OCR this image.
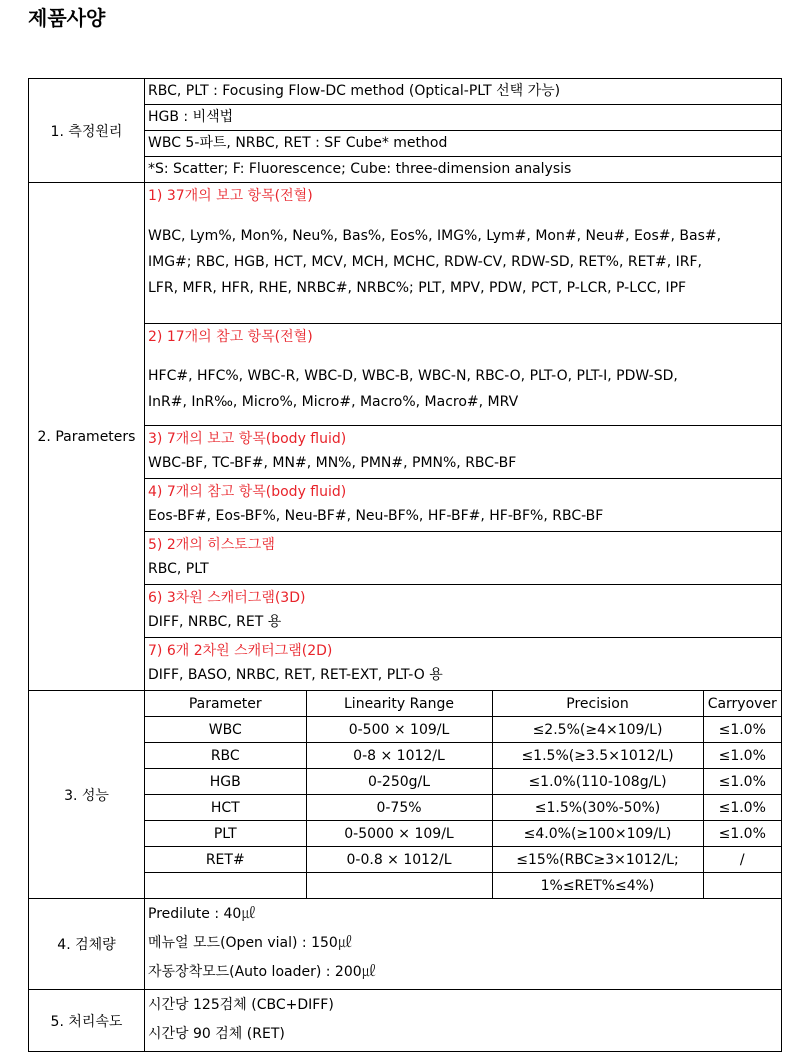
제품사양
1. 측정원리	
RBC, PLT : Focusing Flow-DC method (Optical-PLT 선택 가능)
HGB : 비색법
WBC 5-파트, NRBC, RET : SF Cube* method
*S: Scatter; F: Fluorescence; Cube: three-dimension analysis

2. Parameters	
1) 37개의 보고 항목(전혈)
WBC, Lym%, Mon%, Neu%, Bas%, Eos%, IMG%, Lym#, Mon#, Neu#, Eos#, Bas#,
IMG#; RBC, HGB, HCT, MCV, MCH, MCHC, RDW-CV, RDW-SD, RET%, RET#, IRF,
LFR, MFR, HFR, RHE, NRBC#, NRBC%; PLT, MPV, PDW, PCT, P-LCR, P-LCC, IPF
2) 17개의 참고 항목(전혈)
HFC#, HFC%, WBC-R, WBC-D, WBC-B, WBC-N, RBC-O, PLT-O, PLT-I, PDW-SD,
InR#, InR‰, Micro%, Micro#, Macro%, Macro#, MRV
3) 7개의 보고 항목(body fluid)
WBC-BF, TC-BF#, MN#, MN%, PMN#, PMN%, RBC-BF
4) 7개의 참고 항목(body fluid)
Eos-BF#, Eos-BF%, Neu-BF#, Neu-BF%, HF-BF#, HF-BF%, RBC-BF
5) 2개의 히스토그램
RBC, PLT
6) 3차원 스캐터그램(3D)
DIFF, NRBC, RET 용
7) 6개 2차원 스캐터그램(2D)
DIFF, BASO, NRBC, RET, RET-EXT, PLT-O 용

3. 성능	
Parameter	Linearity Range	Precision	Carryover
WBC	0-500 × 109/L	≤2.5%(≥4×109/L)	≤1.0%
RBC	0-8 × 1012/L	≤1.5%(≥3.5×1012/L)	≤1.0%
HGB	0-250g/L	≤1.0%(110-108g/L)	≤1.0%
HCT	0-75%	≤1.5%(30%-50%)	≤1.0%
PLT	0-5000 × 109/L	≤4.0%(≥100×109/L)	≤1.0%
RET#	0-0.8 × 1012/L	≤15%(RBC≥3×1012/L;	/
		1%≤RET%≤4%)	

4. 검체량	
Predilute : 40㎕
메뉴얼 모드(Open vial) : 150㎕
자동장착모드(Auto loader) : 200㎕

5. 처리속도	
시간당 125검체 (CBC+DIFF)
시간당 90 검체 (RET)
